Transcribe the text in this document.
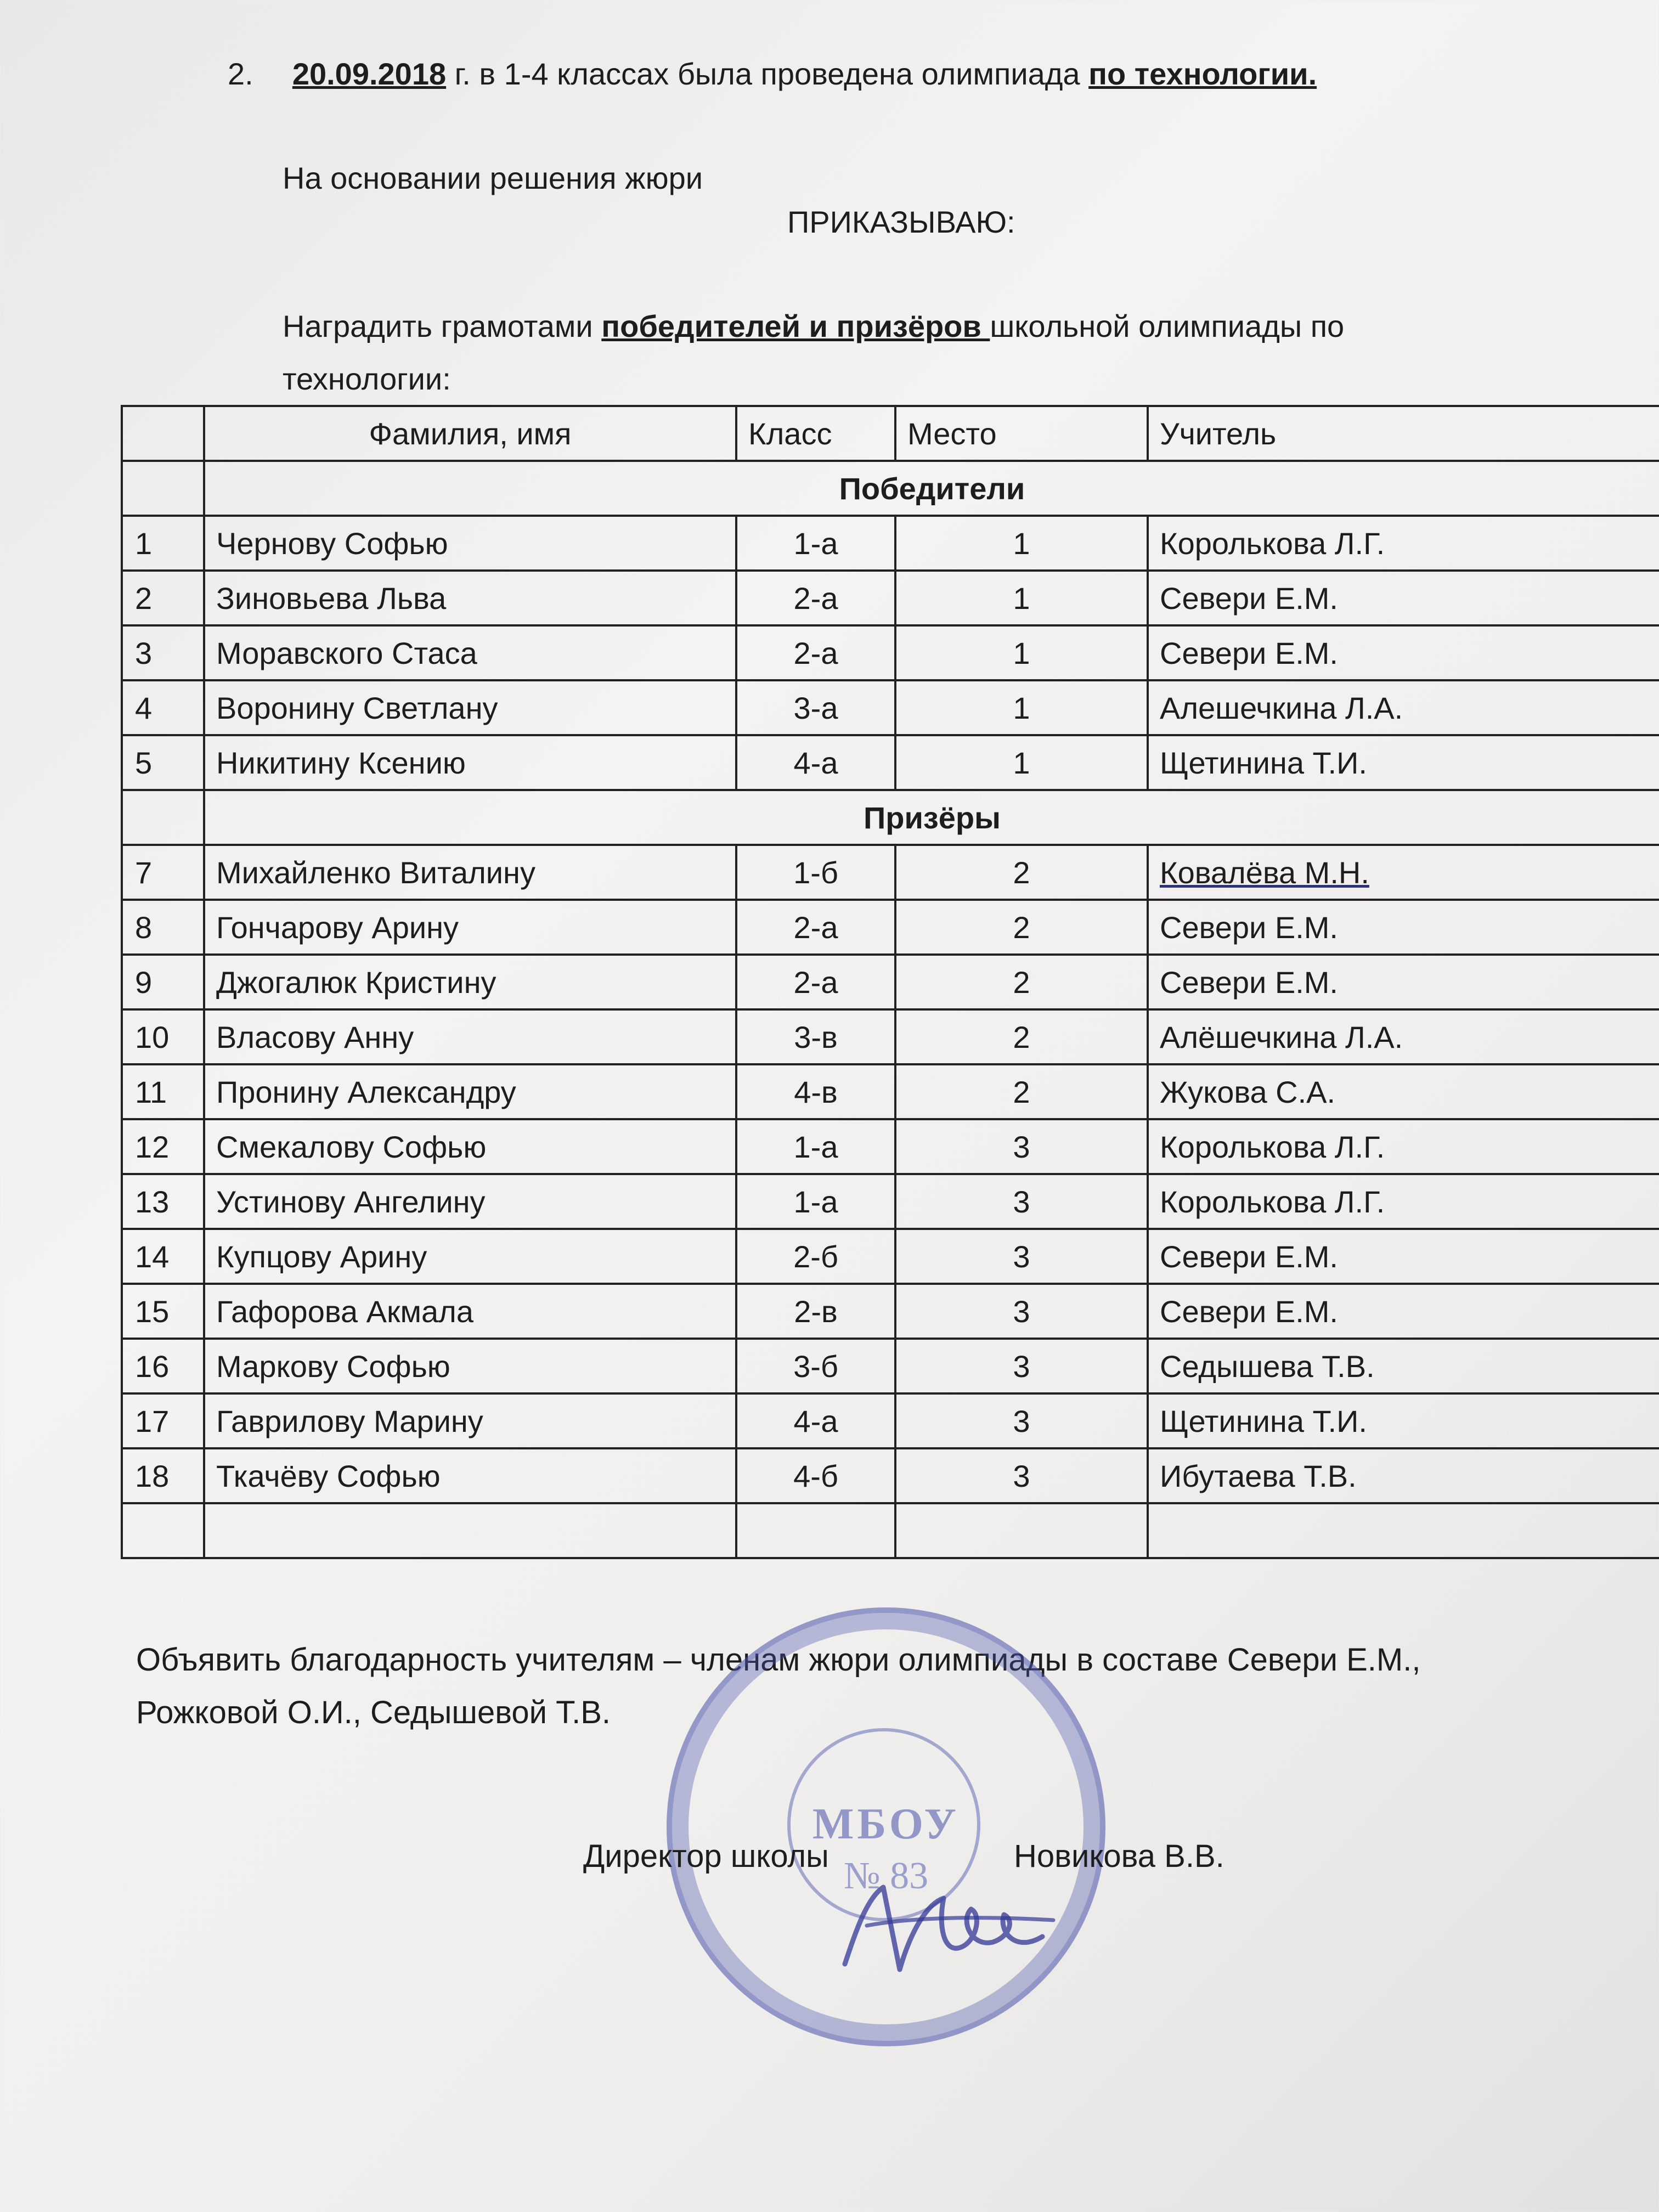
2. 20.09.2018 г. в 1-4 классах была проведена олимпиада по технологии.
На основании решения жюри
ПРИКАЗЫВАЮ:
Наградить грамотами победителей и призёров школьной олимпиады по
технологии:
	Фамилия, имя	Класс	Место	Учитель
	Победители			
1	Чернову Софью	1-а	1	Королькова Л.Г.
2	Зиновьева Льва	2-а	1	Севери Е.М.
3	Моравского Стаса	2-а	1	Севери Е.М.
4	Воронину Светлану	3-а	1	Алешечкина Л.А.
5	Никитину Ксению	4-а	1	Щетинина Т.И.
	Призёры			
7	Михайленко Виталину	1-б	2	Ковалёва М.Н.
8	Гончарову Арину	2-а	2	Севери Е.М.
9	Джогалюк Кристину	2-а	2	Севери Е.М.
10	Власову Анну	3-в	2	Алёшечкина Л.А.
11	Пронину Александру	4-в	2	Жукова С.А.
12	Смекалову Софью	1-а	3	Королькова Л.Г.
13	Устинову Ангелину	1-а	3	Королькова Л.Г.
14	Купцову Арину	2-б	3	Севери Е.М.
15	Гафорова Акмала	2-в	3	Севери Е.М.
16	Маркову Софью	3-б	3	Седышева Т.В.
17	Гаврилову Марину	4-а	3	Щетинина Т.И.
18	Ткачёву Софью	4-б	3	Ибутаева Т.В.

Объявить благодарность учителям – членам жюри олимпиады в составе Севери Е.М.,
Рожковой О.И., Седышевой Т.В.
МБОУ
№ 83
Директор школы	Новикова В.В.
